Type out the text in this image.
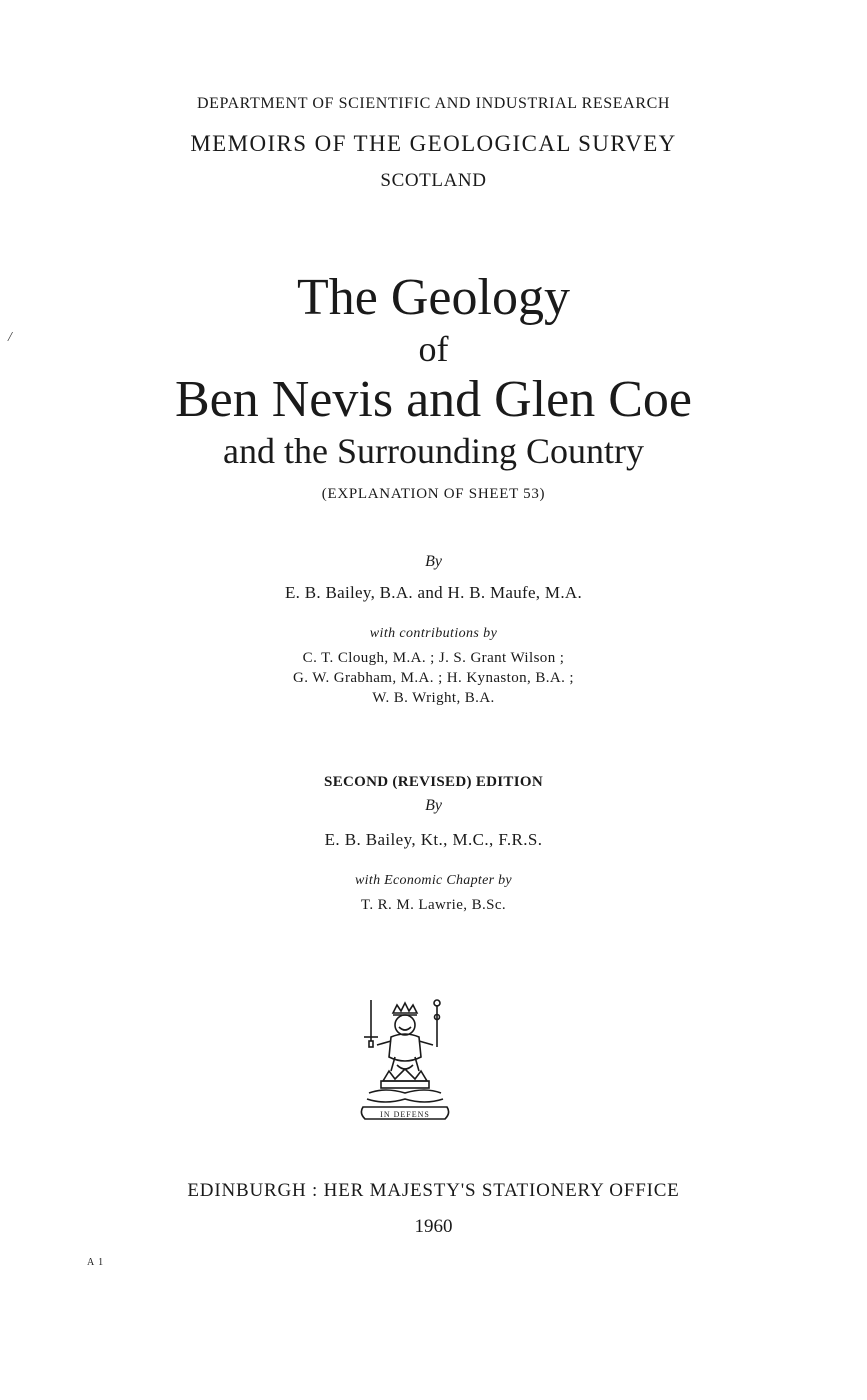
DEPARTMENT OF SCIENTIFIC AND INDUSTRIAL RESEARCH
MEMOIRS OF THE GEOLOGICAL SURVEY
SCOTLAND
The Geology
of
Ben Nevis and Glen Coe
and the Surrounding Country
(EXPLANATION OF SHEET 53)
By
E. B. Bailey, B.A. and H. B. Maufe, M.A.
with contributions by
C. T. Clough, M.A. ; J. S. Grant Wilson ;
G. W. Grabham, M.A. ; H. Kynaston, B.A. ;
W. B. Wright, B.A.
SECOND (REVISED) EDITION
By
E. B. Bailey, Kt., M.C., F.R.S.
with Economic Chapter by
T. R. M. Lawrie, B.Sc.
IN DEFENS
EDINBURGH : HER MAJESTY'S STATIONERY OFFICE
1960
A 1
/
